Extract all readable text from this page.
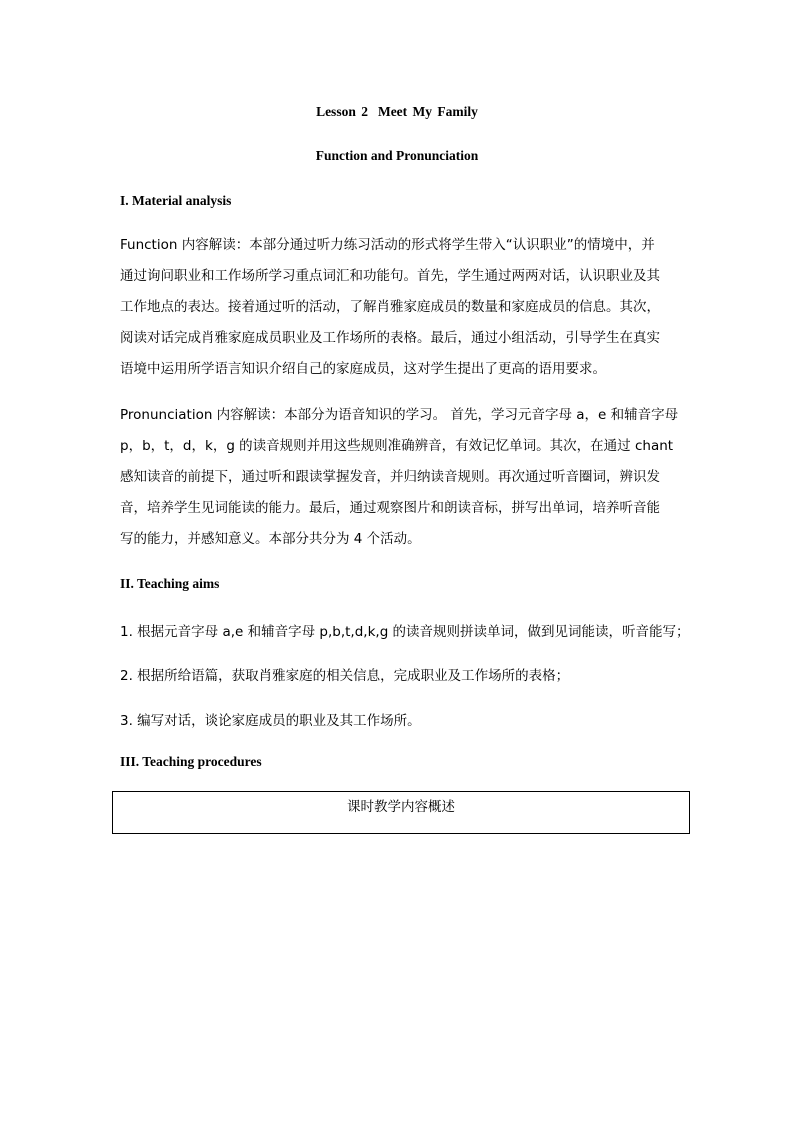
Lesson 2 Meet My Family
Function and Pronunciation
I. Material analysis
Function 内容解读：本部分通过听力练习活动的形式将学生带入“认识职业”的情境中，并
通过询问职业和工作场所学习重点词汇和功能句。首先，学生通过两两对话，认识职业及其
工作地点的表达。接着通过听的活动，了解肖雅家庭成员的数量和家庭成员的信息。其次，
阅读对话完成肖雅家庭成员职业及工作场所的表格。最后，通过小组活动，引导学生在真实
语境中运用所学语言知识介绍自己的家庭成员，这对学生提出了更高的语用要求。
Pronunciation 内容解读：本部分为语音知识的学习。 首先，学习元音字母 a，e 和辅音字母
p，b，t，d，k，g 的读音规则并用这些规则准确辨音，有效记忆单词。其次，在通过 chant
感知读音的前提下，通过听和跟读掌握发音，并归纳读音规则。再次通过听音圈词，辨识发
音，培养学生见词能读的能力。最后，通过观察图片和朗读音标，拼写出单词，培养听音能
写的能力，并感知意义。本部分共分为 4 个活动。
II. Teaching aims
1. 根据元音字母 a,e 和辅音字母 p,b,t,d,k,g 的读音规则拼读单词，做到见词能读，听音能写；
2. 根据所给语篇，获取肖雅家庭的相关信息，完成职业及工作场所的表格；
3. 编写对话，谈论家庭成员的职业及其工作场所。
III. Teaching procedures
课时教学内容概述
